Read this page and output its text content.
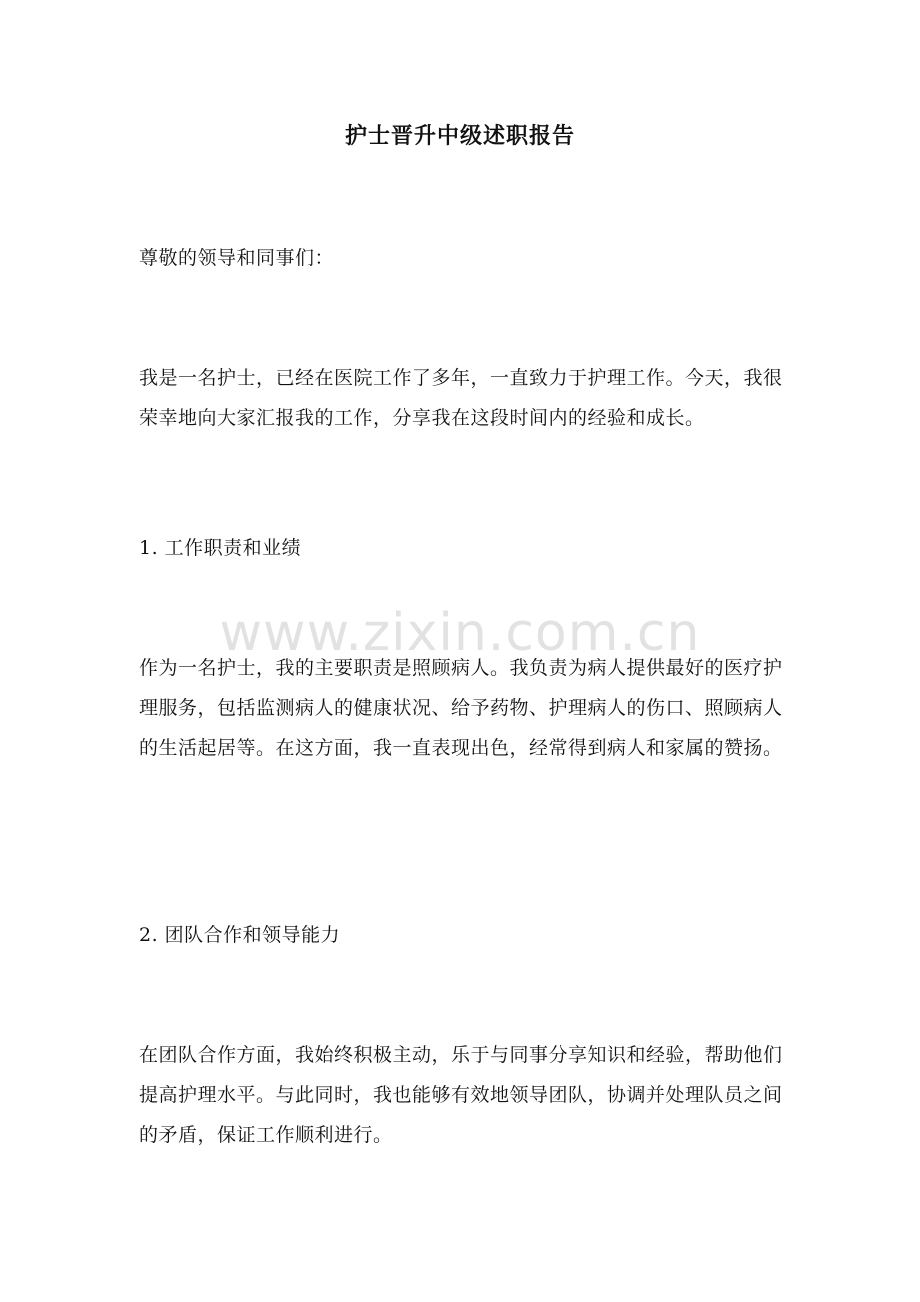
护士晋升中级述职报告
尊敬的领导和同事们：
我是一名护士，已经在医院工作了多年，一直致力于护理工作。今天，我很荣幸地向大家汇报我的工作，分享我在这段时间内的经验和成长。
1. 工作职责和业绩
作为一名护士，我的主要职责是照顾病人。我负责为病人提供最好的医疗护理服务，包括监测病人的健康状况、给予药物、护理病人的伤口、照顾病人的生活起居等。在这方面，我一直表现出色，经常得到病人和家属的赞扬。
2. 团队合作和领导能力
在团队合作方面，我始终积极主动，乐于与同事分享知识和经验，帮助他们提高护理水平。与此同时，我也能够有效地领导团队，协调并处理队员之间的矛盾，保证工作顺利进行。
www.zixin.com.cn
